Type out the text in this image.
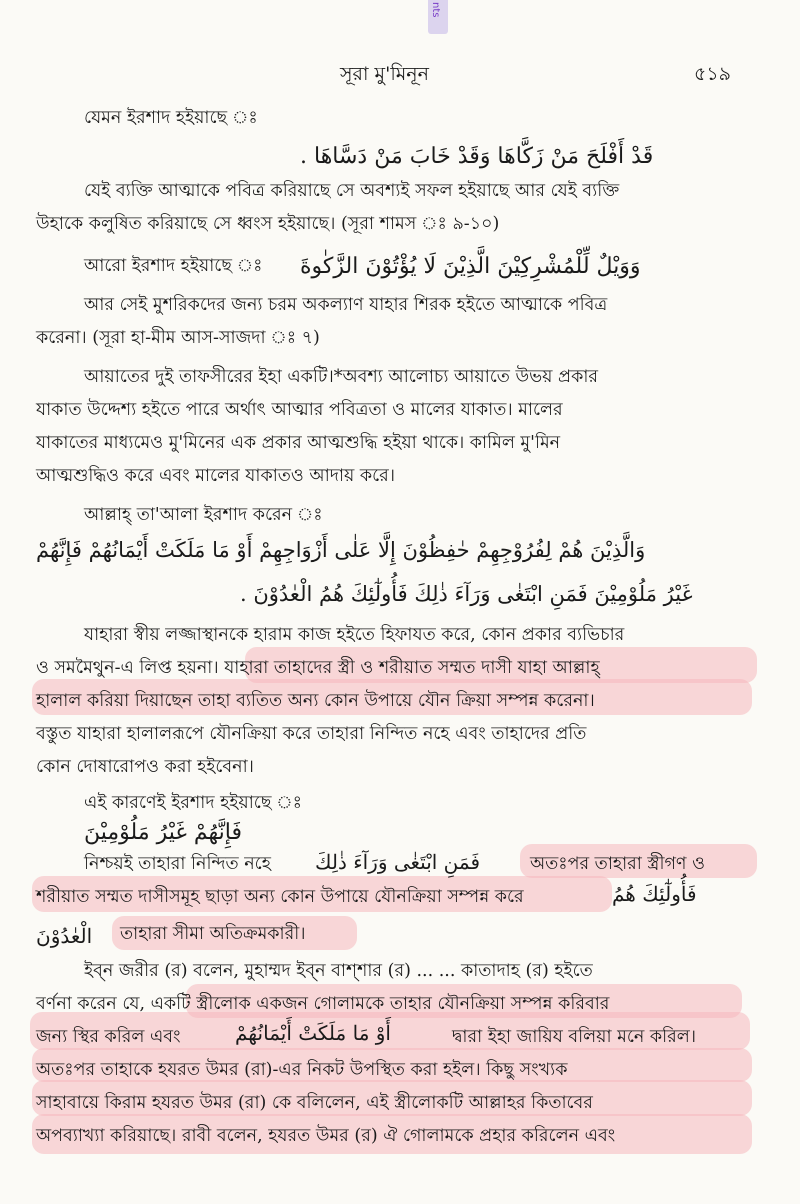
nts
সূরা মু'মিনূন	৫১৯
যেমন ইরশাদ হইয়াছে ঃ
قَدْ أَفْلَحَ مَنْ زَكَّاهَا وَقَدْ خَابَ مَنْ دَسَّاهَا .
যেই ব্যক্তি আত্মাকে পবিত্র করিয়াছে সে অবশ্যই সফল হইয়াছে আর যেই ব্যক্তি
উহাকে কলুষিত করিয়াছে সে ধ্বংস হইয়াছে। (সূরা শামস ঃ ৯-১০)
আরো ইরশাদ হইয়াছে ঃ وَوَيْلٌ لِّلْمُشْرِكِيْنَ الَّذِيْنَ لَا يُؤْتُوْنَ الزَّكٰوةَ
আর সেই মুশরিকদের জন্য চরম অকল্যাণ যাহার শিরক হইতে আত্মাকে পবিত্র
করেনা। (সূরা হা-মীম আস-সাজদা ঃ ৭)
আয়াতের দুই তাফসীরের ইহা একটি।*অবশ্য আলোচ্য আয়াতে উভয় প্রকার
যাকাত উদ্দেশ্য হইতে পারে অর্থাৎ আত্মার পবিত্রতা ও মালের যাকাত। মালের
যাকাতের মাধ্যমেও মু'মিনের এক প্রকার আত্মশুদ্ধি হইয়া থাকে। কামিল মু'মিন
আত্মশুদ্ধিও করে এবং মালের যাকাতও আদায় করে।
আল্লাহ্ তা'আলা ইরশাদ করেন ঃ
وَالَّذِيْنَ هُمْ لِفُرُوْجِهِمْ حٰفِظُوْنَ إِلَّا عَلٰى أَزْوَاجِهِمْ أَوْ مَا مَلَكَتْ أَيْمَانُهُمْ فَإِنَّهُمْ
غَيْرُ مَلُوْمِيْنَ فَمَنِ ابْتَغٰى وَرَآءَ ذٰلِكَ فَأُولٰٓئِكَ هُمُ الْعٰدُوْنَ .
যাহারা স্বীয় লজ্জাস্থানকে হারাম কাজ হইতে হিফাযত করে, কোন প্রকার ব্যভিচার
ও সমমৈথুন-এ লিপ্ত হয়না। যাহারা তাহাদের স্ত্রী ও শরীয়াত সম্মত দাসী যাহা আল্লাহ্
হালাল করিয়া দিয়াছেন তাহা ব্যতিত অন্য কোন উপায়ে যৌন ক্রিয়া সম্পন্ন করেনা।
বস্তুত যাহারা হালালরূপে যৌনক্রিয়া করে তাহারা নিন্দিত নহে এবং তাহাদের প্রতি
কোন দোষারোপও করা হইবেনা।
এই কারণেই ইরশাদ হইয়াছে ঃ
فَإِنَّهُمْ غَيْرُ مَلُوْمِيْنَ
নিশ্চয়ই তাহারা নিন্দিত নহে فَمَنِ ابْتَغٰى وَرَآءَ ذٰلِكَ	অতঃপর তাহারা স্ত্রীগণ ও
শরীয়াত সম্মত দাসীসমূহ ছাড়া অন্য কোন উপায়ে যৌনক্রিয়া সম্পন্ন করে	فَأُولٰٓئِكَ هُمُ
الْعٰدُوْنَ তাহারা সীমা অতিক্রমকারী।
ইব্ন জরীর (র) বলেন, মুহাম্মদ ইব্ন বাশ্শার (র) ... ... কাতাদাহ (র) হইতে
বর্ণনা করেন যে, একটি স্ত্রীলোক একজন গোলামকে তাহার যৌনক্রিয়া সম্পন্ন করিবার
জন্য স্থির করিল এবং	أَوْ مَا مَلَكَتْ أَيْمَانُهُمْ	দ্বারা ইহা জায়িয বলিয়া মনে করিল।
অতঃপর তাহাকে হযরত উমর (রা)-এর নিকট উপস্থিত করা হইল। কিছু সংখ্যক
সাহাবায়ে কিরাম হযরত উমর (রা) কে বলিলেন, এই স্ত্রীলোকটি আল্লাহর কিতাবের
অপব্যাখ্যা করিয়াছে। রাবী বলেন, হযরত উমর (র) ঐ গোলামকে প্রহার করিলেন এবং
